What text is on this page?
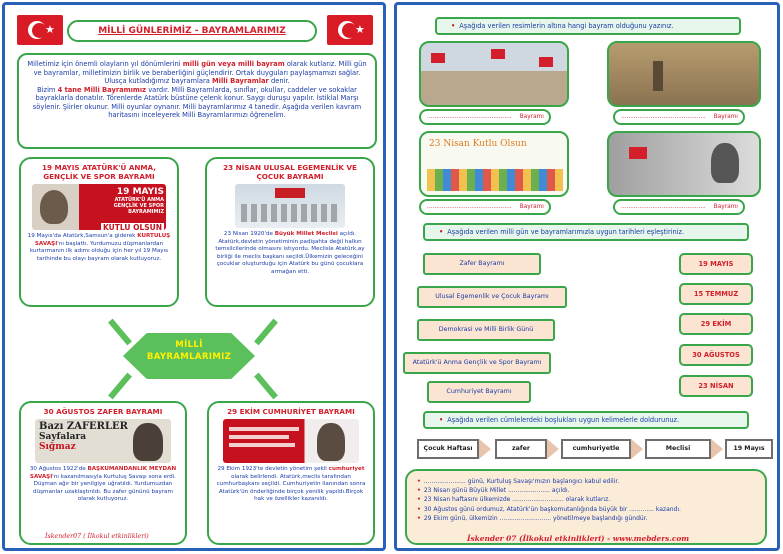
★	★
MİLLİ GÜNLERİMİZ - BAYRAMLARIMIZ
Milletimiz için önemli olayların yıl dönümlerini milli gün veya milli bayram olarak kutlarız. Milli gün ve bayramlar, milletimizin birlik ve beraberliğini güçlendirir. Ortak duyguları paylaşmamızı sağlar. Ulusça kutladığımız bayramlara Milli Bayramlar denir.
Bizim 4 tane Milli Bayramımız vardır. Milli Bayramlarda, sınıflar, okullar, caddeler ve sokaklar bayraklarla donatılır. Törenlerde Atatürk büstüne çelenk konur. Saygı duruşu yapılır. İstiklal Marşı söylenir. Şiirler okunur. Milli oyunlar oynanır. Milli bayramlarımız 4 tanedir. Aşağıda verilen kavram haritasını inceleyerek Milli Bayramlarımızı öğrenelim.
19 MAYIS ATATÜRK'Ü ANMA, GENÇLİK VE SPOR BAYRAMI
19 MAYIS
ATATÜRK'Ü ANMA
GENÇLİK VE SPOR BAYRAMIMIZ
KUTLU OLSUN

19 Mayıs'da Atatürk,Samsun'a giderek KURTULUŞ SAVAŞI'nı başlattı. Yurdumuzu düşmanlardan kurtarmanın ilk adımı olduğu için her yıl 19 Mayıs tarihinde bu olayı bayram olarak kutluyoruz.

23 NİSAN ULUSAL EGEMENLİK VE ÇOCUK BAYRAMI

23 Nisan 1920'de Büyük Millet Meclisi açıldı. Atatürk,devletin yönetiminin padişahta değil halkın temsilcilerinde olmasını istiyordu. Meclisle Atatürk,ay birliği ile meclis başkanı seçildi.Ülkemizin geleceğini çocuklar oluşturduğu için Atatürk bu günü çocuklara armağan etti.

MİLLİ
BAYRAMLARIMIZ
30 AĞUSTOS ZAFER BAYRAMI
Bazı ZAFERLER
Sayfalara
Sığmaz

30 Ağustos 1922'de BAŞKUMANDANLIK MEYDAN SAVAŞI'nı kazanılmasıyla Kurtuluş Savaşı sona erdi. Düşman ağır bir yenilgiye uğratıldı. Yurdumuzdan düşmanlar uzaklaştırıldı. Bu zafer gününü bayram olarak kutluyoruz.

İskender07 ( İlkokul etkinlikleri)
29 EKİM CUMHURİYET BAYRAMI

29 Ekim 1923'te devletin yönetim şekli cumhuriyet olarak belirlendi. Atatürk,meclis tarafından cumhurbaşkanı seçildi. Cumhuriyetin ilanından sonra Atatürk'ün önderliğinde birçok yenilik yapıldı.Birçok hak ve özellikler kazanıldı.

• Aşağıda verilen resimlerin altına hangi bayram olduğunu yazınız.
.............................................. Bayramı	.............................................. Bayramı
23 Nisan Kutlu Olsun
.............................................. Bayramı	.............................................. Bayramı
• Aşağıda verilen milli gün ve bayramlarımızla uygun tarihleri eşleştiriniz.
Zafer Bayramı
Ulusal Egemenlik ve Çocuk Bayramı
Demokrasi ve Milli Birlik Günü
Atatürk'ü Anma Gençlik ve Spor Bayramı
Cumhuriyet Bayramı
19 MAYIS
15 TEMMUZ
29 EKİM
30 AĞUSTOS
23 NİSAN
• Aşağıda verilen cümlelerdeki boşlukları uygun kelimelerle doldurunuz.
Çocuk Haftası	zafer	cumhuriyetle	Meclisi	19 Mayıs
• ...................... günü, Kurtuluş Savaşı'mızın başlangıcı kabul edilir.
• 23 Nisan günü Büyük Millet ...................... açıldı.
• 23 Nisan haftasını ülkemizde ........................... olarak kutlarız.
• 30 Ağustos günü ordumuz, Atatürk'ün başkomutanlığında büyük bir ............. kazandı.
• 29 Ekim günü, ülkemizin ........................... yönetilmeye başlandığı gündür.
İskender 07 (İlkokul etkinlikleri) - www.mebders.com
